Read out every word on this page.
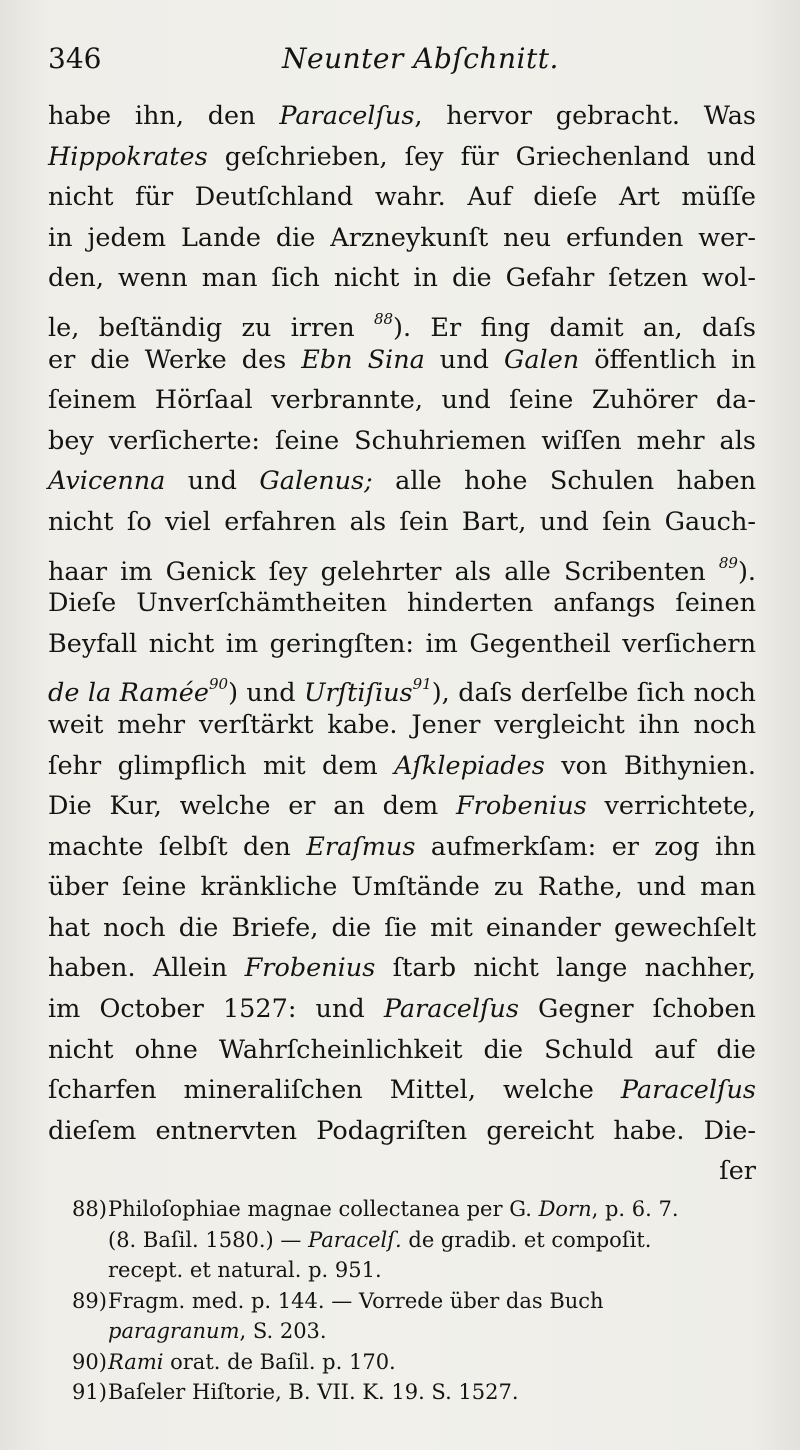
346	Neunter Abſchnitt.
habe ihn, den Paracelſus, hervor gebracht. Was
Hippokrates geſchrieben, ſey für Griechenland und
nicht für Deutſchland wahr. Auf dieſe Art müſſe
in jedem Lande die Arzneykunſt neu erfunden wer-
den, wenn man ſich nicht in die Gefahr ſetzen wol-
le, beſtändig zu irren $^{88}$). Er fing damit an, daſs
er die Werke des Ebn Sina und Galen öffentlich in
ſeinem Hörſaal verbrannte, und ſeine Zuhörer da-
bey verſicherte: ſeine Schuhriemen wiſſen mehr als
Avicenna und Galenus; alle hohe Schulen haben
nicht ſo viel erfahren als ſein Bart, und ſein Gauch-
haar im Genick ſey gelehrter als alle Scribenten $^{89}$).
Dieſe Unverſchämtheiten hinderten anfangs ſeinen
Beyfall nicht im geringſten: im Gegentheil verſichern
de la Ramée$^{90}$) und Urſtiſius$^{91}$), daſs derſelbe ſich noch
weit mehr verſtärkt kabe. Jener vergleicht ihn noch
ſehr glimpflich mit dem Aſklepiades von Bithynien.
Die Kur, welche er an dem Frobenius verrichtete,
machte ſelbſt den Eraſmus aufmerkſam: er zog ihn
über ſeine kränkliche Umſtände zu Rathe, und man
hat noch die Briefe, die ſie mit einander gewechſelt
haben. Allein Frobenius ſtarb nicht lange nachher,
im October 1527: und Paracelſus Gegner ſchoben
nicht ohne Wahrſcheinlichkeit die Schuld auf die
ſcharfen mineraliſchen Mittel, welche Paracelſus
dieſem entnervten Podagriſten gereicht habe. Die-
ſer
88)Philoſophiae magnae collectanea per G. Dorn, p. 6. 7.
(8. Baſil. 1580.) — Paracelſ. de gradib. et compoſit.
recept. et natural. p. 951.
89)Fragm. med. p. 144. — Vorrede über das Buch
paragranum, S. 203.
90)Rami orat. de Baſil. p. 170.
91)Baſeler Hiſtorie, B. VII. K. 19. S. 1527.
